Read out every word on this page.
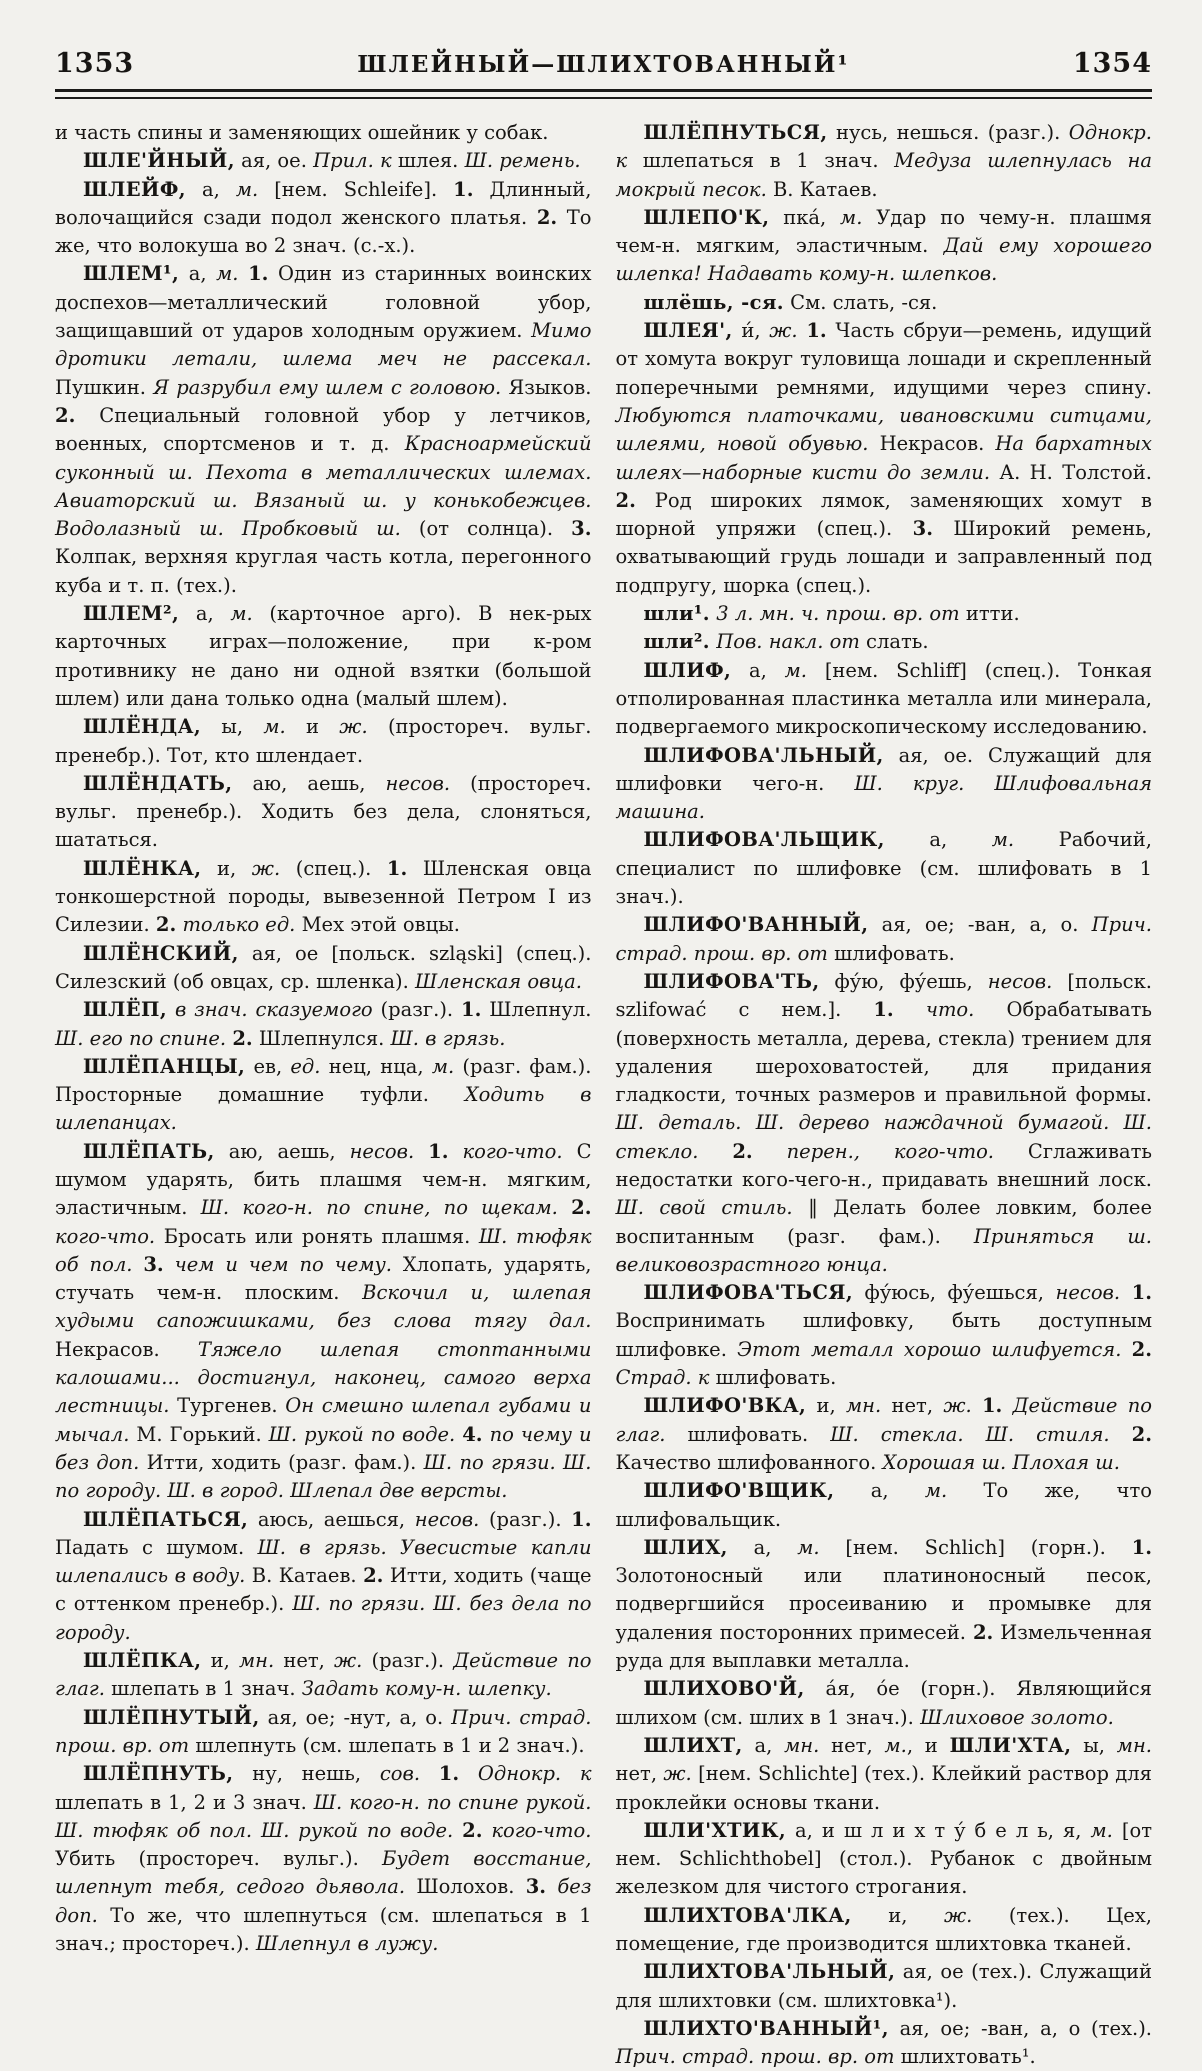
1353	ШЛЕЙНЫЙ—ШЛИХТОВАННЫЙ¹	1354

и часть спины и заменяющих ошейник у собак.

ШЛЕ'ЙНЫЙ, ая, ое. Прил. к шлея. Ш. ремень.

ШЛЕЙФ, а, м. [нем. Schleife]. 1. Длинный, волочащийся сзади подол женского платья. 2. То же, что волокуша во 2 знач. (с.-х.).

ШЛЕМ¹, а, м. 1. Один из старинных воинских доспехов—металлический головной убор, защищавший от ударов холодным оружием. Мимо дротики летали, шлема меч не рассекал. Пушкин. Я разрубил ему шлем с головою. Языков. 2. Специальный головной убор у летчиков, военных, спортсменов и т. д. Красноармейский суконный ш. Пехота в металлических шлемах. Авиаторский ш. Вязаный ш. у конькобежцев. Водолазный ш. Пробковый ш. (от солнца). 3. Колпак, верхняя круглая часть котла, перегонного куба и т. п. (тех.).

ШЛЕМ², а, м. (карточное арго). В нек-рых карточных играх—положение, при к-ром противнику не дано ни одной взятки (большой шлем) или дана только одна (малый шлем).

ШЛЁНДА, ы, м. и ж. (простореч. вульг. пренебр.). Тот, кто шлендает.

ШЛЁНДАТЬ, аю, аешь, несов. (простореч. вульг. пренебр.). Ходить без дела, слоняться, шататься.

ШЛЁНКА, и, ж. (спец.). 1. Шленская овца тонкошерстной породы, вывезенной Петром I из Силезии. 2. только ед. Мех этой овцы.

ШЛЁНСКИЙ, ая, ое [польск. szląski] (спец.). Силезский (об овцах, ср. шленка). Шленская овца.

ШЛЁП, в знач. сказуемого (разг.). 1. Шлепнул. Ш. его по спине. 2. Шлепнулся. Ш. в грязь.

ШЛЁПАНЦЫ, ев, ед. нец, нца, м. (разг. фам.). Просторные домашние туфли. Ходить в шлепанцах.

ШЛЁПАТЬ, аю, аешь, несов. 1. кого-что. С шумом ударять, бить плашмя чем-н. мягким, эластичным. Ш. кого-н. по спине, по щекам. 2. кого-что. Бросать или ронять плашмя. Ш. тюфяк об пол. 3. чем и чем по чему. Хлопать, ударять, стучать чем-н. плоским. Вскочил и, шлепая худыми сапожишками, без слова тягу дал. Некрасов. Тяжело шлепая стоптанными калошами... достигнул, наконец, самого верха лестницы. Тургенев. Он смешно шлепал губами и мычал. М. Горький. Ш. рукой по воде. 4. по чему и без доп. Итти, ходить (разг. фам.). Ш. по грязи. Ш. по городу. Ш. в город. Шлепал две версты.

ШЛЁПАТЬСЯ, аюсь, аешься, несов. (разг.). 1. Падать с шумом. Ш. в грязь. Увесистые капли шлепались в воду. В. Катаев. 2. Итти, ходить (чаще с оттенком пренебр.). Ш. по грязи. Ш. без дела по городу.

ШЛЁПКА, и, мн. нет, ж. (разг.). Действие по глаг. шлепать в 1 знач. Задать кому-н. шлепку.

ШЛЁПНУТЫЙ, ая, ое; -нут, а, о. Прич. страд. прош. вр. от шлепнуть (см. шлепать в 1 и 2 знач.).

ШЛЁПНУТЬ, ну, нешь, сов. 1. Однокр. к шлепать в 1, 2 и 3 знач. Ш. кого-н. по спине рукой. Ш. тюфяк об пол. Ш. рукой по воде. 2. кого-что. Убить (простореч. вульг.). Будет восстание, шлепнут тебя, седого дьявола. Шолохов. 3. без доп. То же, что шлепнуться (см. шлепаться в 1 знач.; простореч.). Шлепнул в лужу.

ШЛЁПНУТЬСЯ, нусь, нешься. (разг.). Однокр. к шлепаться в 1 знач. Медуза шлепнулась на мокрый песок. В. Катаев.

ШЛЕПО'К, пка́, м. Удар по чему-н. плашмя чем-н. мягким, эластичным. Дай ему хорошего шлепка! Надавать кому-н. шлепков.

шлёшь, -ся. См. слать, -ся.

ШЛЕЯ', и́, ж. 1. Часть сбруи—ремень, идущий от хомута вокруг туловища лошади и скрепленный поперечными ремнями, идущими через спину. Любуются платочками, ивановскими ситцами, шлеями, новой обувью. Некрасов. На бархатных шлеях—наборные кисти до земли. А. Н. Толстой. 2. Род широких лямок, заменяющих хомут в шорной упряжи (спец.). 3. Широкий ремень, охватывающий грудь лошади и заправленный под подпругу, шорка (спец.).

шли¹. 3 л. мн. ч. прош. вр. от итти.

шли². Пов. накл. от слать.

ШЛИФ, а, м. [нем. Schliff] (спец.). Тонкая отполированная пластинка металла или минерала, подвергаемого микроскопическому исследованию.

ШЛИФОВА'ЛЬНЫЙ, ая, ое. Служащий для шлифовки чего-н. Ш. круг. Шлифовальная машина.

ШЛИФОВА'ЛЬЩИК, а, м. Рабочий, специалист по шлифовке (см. шлифовать в 1 знач.).

ШЛИФО'ВАННЫЙ, ая, ое; -ван, а, о. Прич. страд. прош. вр. от шлифовать.

ШЛИФОВА'ТЬ, фу́ю, фу́ешь, несов. [польск. szlifować с нем.]. 1. что. Обрабатывать (поверхность металла, дерева, стекла) трением для удаления шероховатостей, для придания гладкости, точных размеров и правильной формы. Ш. деталь. Ш. дерево наждачной бумагой. Ш. стекло. 2. перен., кого-что. Сглаживать недостатки кого-чего-н., придавать внешний лоск. Ш. свой стиль. ‖ Делать более ловким, более воспитанным (разг. фам.). Приняться ш. великовозрастного юнца.

ШЛИФОВА'ТЬСЯ, фу́юсь, фу́ешься, несов. 1. Воспринимать шлифовку, быть доступным шлифовке. Этот металл хорошо шлифуется. 2. Страд. к шлифовать.

ШЛИФО'ВКА, и, мн. нет, ж. 1. Действие по глаг. шлифовать. Ш. стекла. Ш. стиля. 2. Качество шлифованного. Хорошая ш. Плохая ш.

ШЛИФО'ВЩИК, а, м. То же, что шлифовальщик.

ШЛИХ, а, м. [нем. Schlich] (горн.). 1. Золотоносный или платиноносный песок, подвергшийся просеиванию и промывке для удаления посторонних примесей. 2. Измельченная руда для выплавки металла.

ШЛИХОВО'Й, а́я, о́е (горн.). Являющийся шлихом (см. шлих в 1 знач.). Шлиховое золото.

ШЛИХТ, а, мн. нет, м., и ШЛИ'ХТА, ы, мн. нет, ж. [нем. Schlichte] (тех.). Клейкий раствор для проклейки основы ткани.

ШЛИ'ХТИК, а, и ш л и х т у́ б е л ь, я, м. [от нем. Schlichthobel] (стол.). Рубанок с двойным железком для чистого строгания.

ШЛИХТОВА'ЛКА, и, ж. (тех.). Цех, помещение, где производится шлихтовка тканей.

ШЛИХТОВА'ЛЬНЫЙ, ая, ое (тех.). Служащий для шлихтовки (см. шлихтовка¹).

ШЛИХТО'ВАННЫЙ¹, ая, ое; -ван, а, о (тех.). Прич. страд. прош. вр. от шлихтовать¹.
